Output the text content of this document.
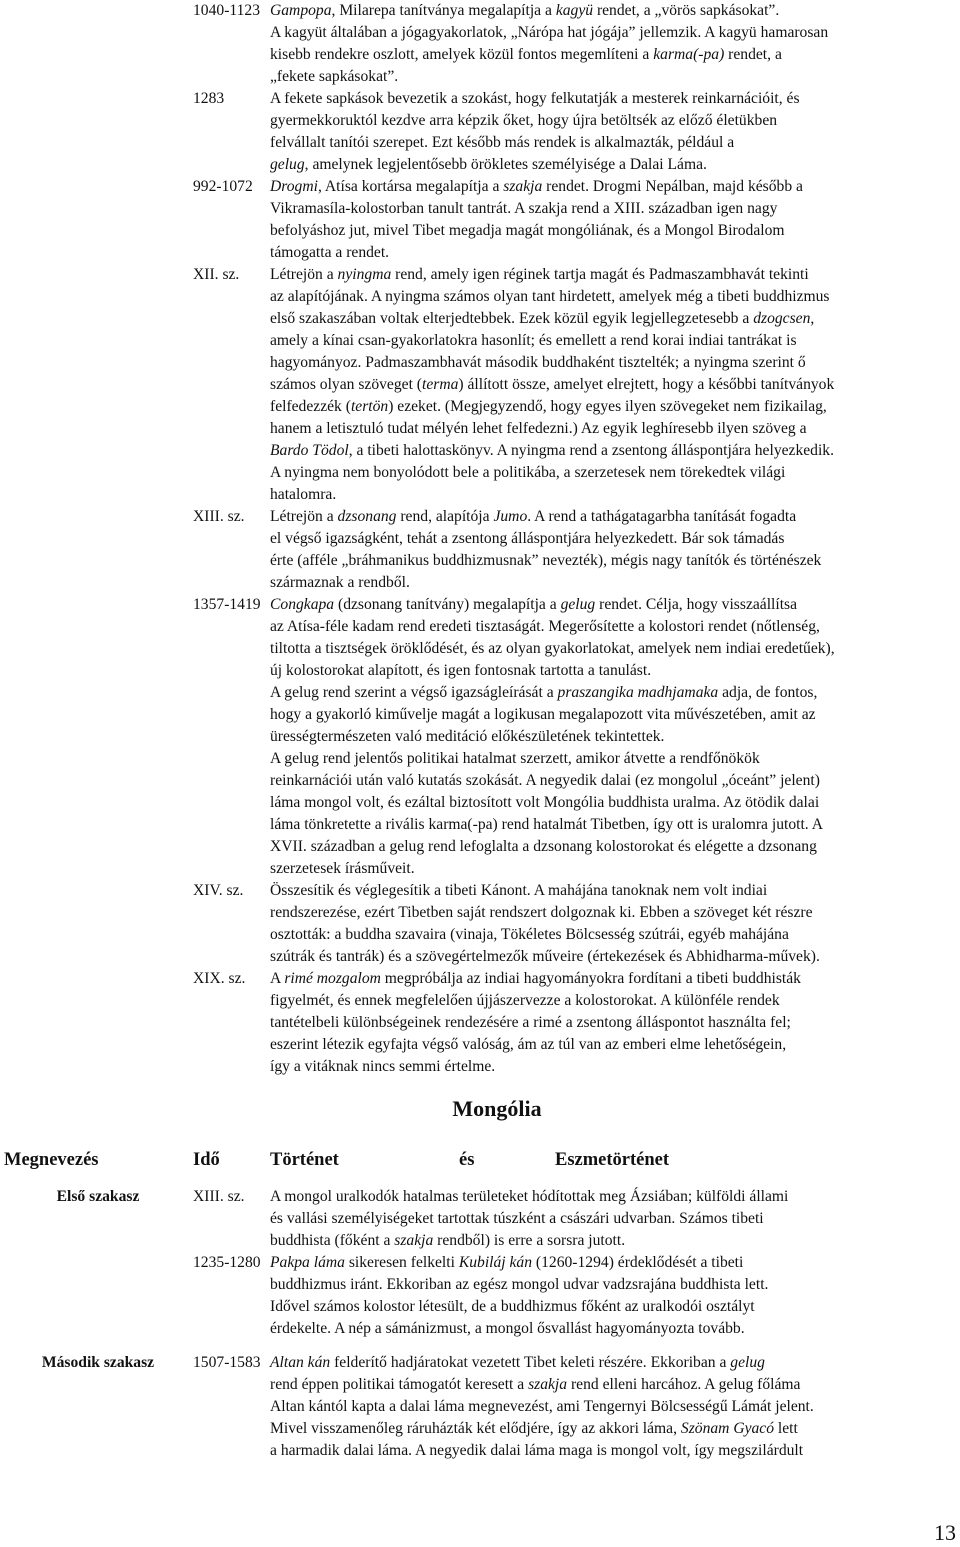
1040-1123 Gampopa, Milarepa tanítványa megalapítja a kagyü rendet, a „vörös sapkásokat”.
A kagyüt általában a jógagyakorlatok, „Nárópa hat jógája” jellemzik. A kagyü hamarosan
kisebb rendekre oszlott, amelyek közül fontos megemlíteni a karma(-pa) rendet, a
„fekete sapkásokat”.
1283	A fekete sapkások bevezetik a szokást, hogy felkutatják a mesterek reinkarnációit, és
gyermekkoruktól kezdve arra képzik őket, hogy újra betöltsék az előző életükben
felvállalt tanítói szerepet. Ezt később más rendek is alkalmazták, például a
gelug, amelynek legjelentősebb örökletes személyisége a Dalai Láma.
992-1072 Drogmi, Atísa kortársa megalapítja a szakja rendet. Drogmi Nepálban, majd később a
Vikramasíla-kolostorban tanult tantrát. A szakja rend a XIII. században igen nagy
befolyáshoz jut, mivel Tibet megadja magát mongóliának, és a Mongol Birodalom
támogatta a rendet.
XII. sz. Létrejön a nyingma rend, amely igen réginek tartja magát és Padmaszambhavát tekinti
az alapítójának. A nyingma számos olyan tant hirdetett, amelyek még a tibeti buddhizmus
első szakaszában voltak elterjedtebbek. Ezek közül egyik legjellegzetesebb a dzogcsen,
amely a kínai csan-gyakorlatokra hasonlít; és emellett a rend korai indiai tantrákat is
hagyományoz. Padmaszambhavát második buddhaként tisztelték; a nyingma szerint ő
számos olyan szöveget (terma) állított össze, amelyet elrejtett, hogy a későbbi tanítványok
felfedezzék (tertön) ezeket. (Megjegyzendő, hogy egyes ilyen szövegeket nem fizikailag,
hanem a letisztuló tudat mélyén lehet felfedezni.) Az egyik leghíresebb ilyen szöveg a
Bardo Tödol, a tibeti halottaskönyv. A nyingma rend a zsentong álláspontjára helyezkedik.
A nyingma nem bonyolódott bele a politikába, a szerzetesek nem törekedtek világi
hatalomra.
XIII. sz. Létrejön a dzsonang rend, alapítója Jumo. A rend a tathágatagarbha tanítását fogadta
el végső igazságként, tehát a zsentong álláspontjára helyezkedett. Bár sok támadás
érte (afféle „bráhmanikus buddhizmusnak” nevezték), mégis nagy tanítók és történészek
származnak a rendből.
1357-1419 Congkapa (dzsonang tanítvány) megalapítja a gelug rendet. Célja, hogy visszaállítsa
az Atísa-féle kadam rend eredeti tisztaságát. Megerősítette a kolostori rendet (nőtlenség,
tiltotta a tisztségek öröklődését, és az olyan gyakorlatokat, amelyek nem indiai eredetűek),
új kolostorokat alapított, és igen fontosnak tartotta a tanulást.
A gelug rend szerint a végső igazságleírását a praszangika madhjamaka adja, de fontos,
hogy a gyakorló kiművelje magát a logikusan megalapozott vita művészetében, amit az
ürességtermészeten való meditáció előkészületének tekintettek.
A gelug rend jelentős politikai hatalmat szerzett, amikor átvette a rendfőnökök
reinkarnációi után való kutatás szokását. A negyedik dalai (ez mongolul „óceánt” jelent)
láma mongol volt, és ezáltal biztosított volt Mongólia buddhista uralma. Az ötödik dalai
láma tönkretette a rivális karma(-pa) rend hatalmát Tibetben, így ott is uralomra jutott. A
XVII. században a gelug rend lefoglalta a dzsonang kolostorokat és elégette a dzsonang
szerzetesek írásműveit.
XIV. sz. Összesítik és véglegesítik a tibeti Kánont. A mahájána tanoknak nem volt indiai
rendszerezése, ezért Tibetben saját rendszert dolgoznak ki. Ebben a szöveget két részre
osztották: a buddha szavaira (vinaja, Tökéletes Bölcsesség szútrái, egyéb mahájána
szútrák és tantrák) és a szövegértelmezők műveire (értekezések és Abhidharma-művek).
XIX. sz. A rimé mozgalom megpróbálja az indiai hagyományokra fordítani a tibeti buddhisták
figyelmét, és ennek megfelelően újjászervezze a kolostorokat. A különféle rendek
tantételbeli különbségeinek rendezésére a rimé a zsentong álláspontot használta fel;
eszerint létezik egyfajta végső valóság, ám az túl van az emberi elme lehetőségein,
így a vitáknak nincs semmi értelme.
Mongólia
Megnevezés	Idő	Történet	és	Eszmetörténet
Első szakasz	XIII. sz. A mongol uralkodók hatalmas területeket hódítottak meg Ázsiában; külföldi állami
és vallási személyiségeket tartottak túszként a császári udvarban. Számos tibeti
buddhista (főként a szakja rendből) is erre a sorsra jutott.
1235-1280 Pakpa láma sikeresen felkelti Kubiláj kán (1260-1294) érdeklődését a tibeti
buddhizmus iránt. Ekkoriban az egész mongol udvar vadzsrajána buddhista lett.
Idővel számos kolostor létesült, de a buddhizmus főként az uralkodói osztályt
érdekelte. A nép a sámánizmust, a mongol ősvallást hagyományozta tovább.
Második szakasz 1507-1583 Altan kán felderítő hadjáratokat vezetett Tibet keleti részére. Ekkoriban a gelug
rend éppen politikai támogatót keresett a szakja rend elleni harcához. A gelug főláma
Altan kántól kapta a dalai láma megnevezést, ami Tengernyi Bölcsességű Lámát jelent.
Mivel visszamenőleg ráruházták két elődjére, így az akkori láma, Szönam Gyacó lett
a harmadik dalai láma. A negyedik dalai láma maga is mongol volt, így megszilárdult
13
